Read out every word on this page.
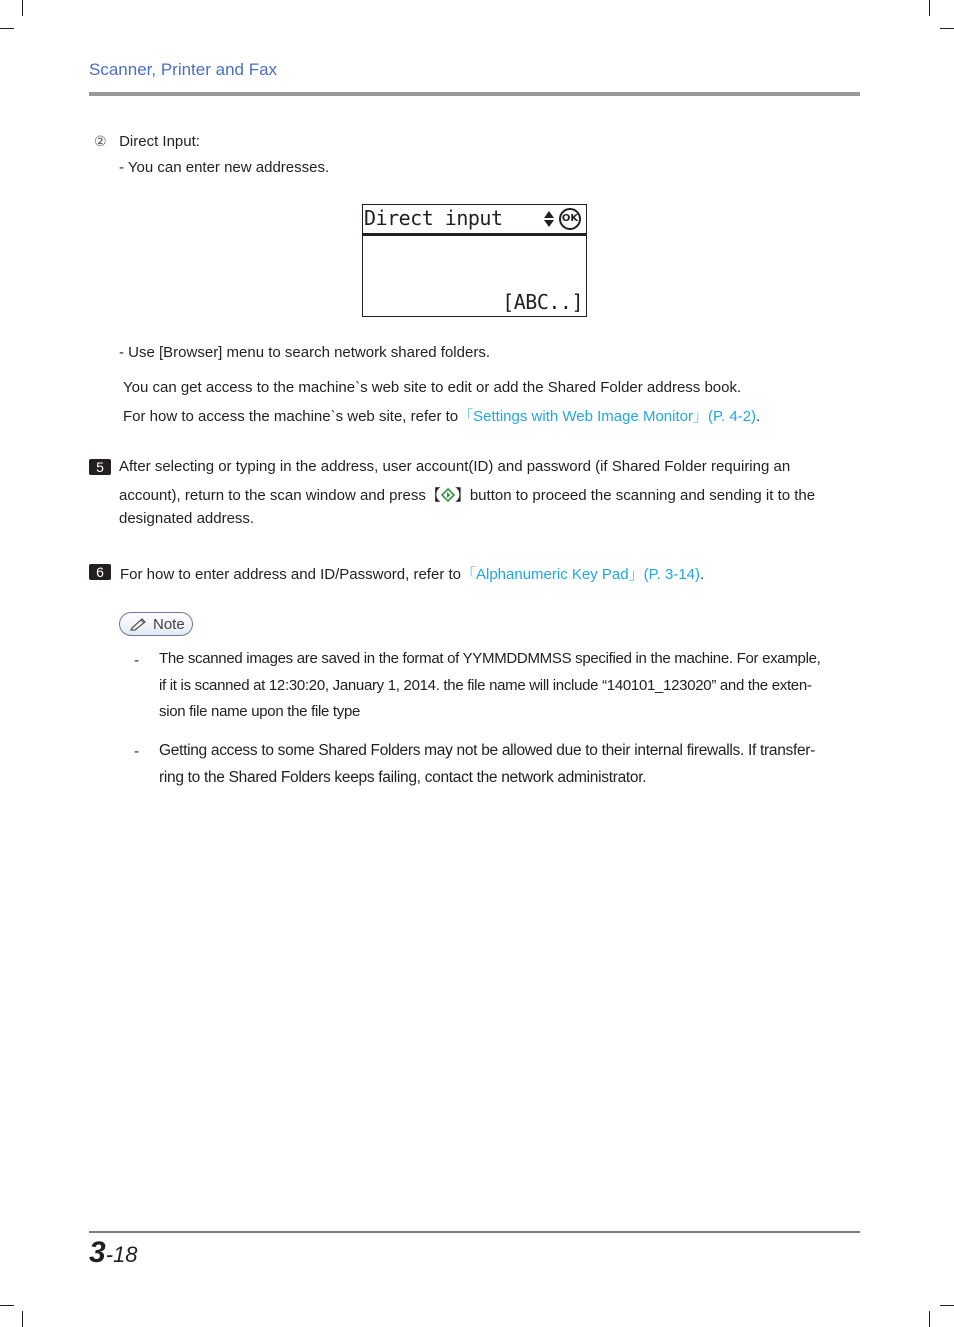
Scanner, Printer and Fax
② Direct Input:
- You can enter new addresses.
Direct input	OK
[ABC..]
- Use [Browser] menu to search network shared folders.
You can get access to the machine`s web site to edit or add the Shared Folder address book.
For how to access the machine`s web site, refer to「Settings with Web Image Monitor」(P. 4-2).
5	After selecting or typing in the address, user account(ID) and password (if Shared Folder requiring an
account), return to the scan window and press【 】button to proceed the scanning and sending it to the
designated address.
6	For how to enter address and ID/Password, refer to「Alphanumeric Key Pad」(P. 3-14).
Note
- The scanned images are saved in the format of YYMMDDMMSS specified in the machine. For example,
if it is scanned at 12:30:20, January 1, 2014. the file name will include “140101_123020” and the exten-
sion file name upon the file type
- Getting access to some Shared Folders may not be allowed due to their internal firewalls. If transfer-
ring to the Shared Folders keeps failing, contact the network administrator.
3-18
